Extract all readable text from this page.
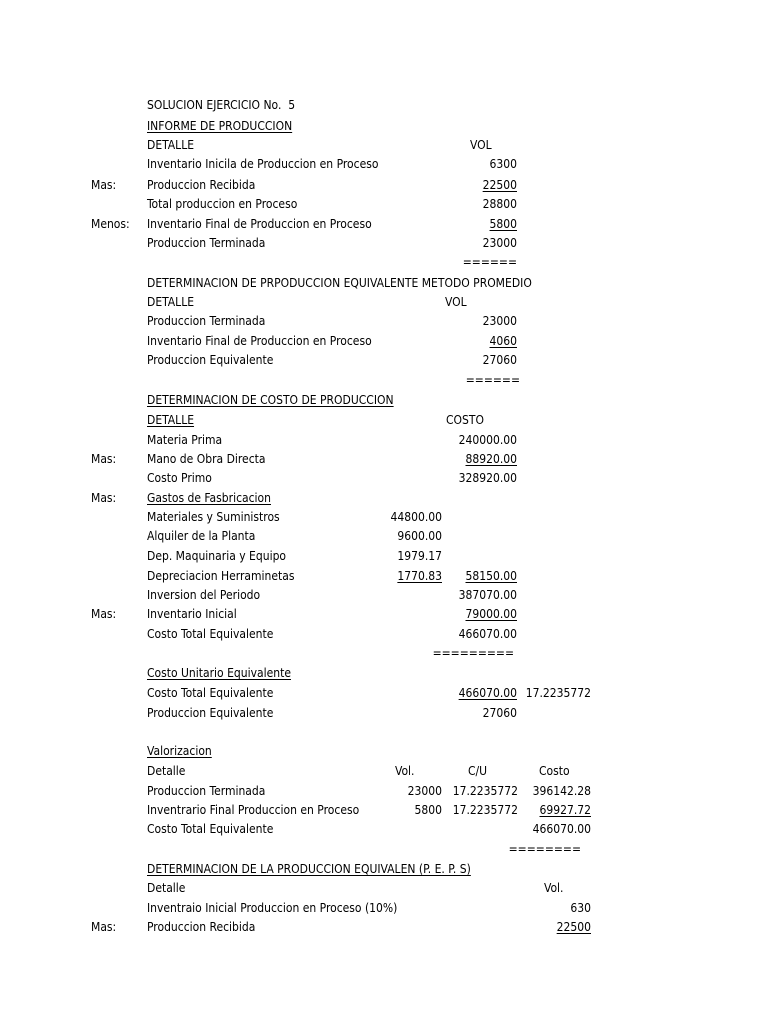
SOLUCION EJERCICIO No.  5
INFORME DE PRODUCCION
DETALLE	VOL
Inventario Inicila de Produccion en Proceso	6300
Mas:	Produccion Recibida	22500
Total produccion en Proceso	28800
Menos: Inventario Final de Produccion en Proceso	5800
Produccion Terminada	23000
======
DETERMINACION DE PRPODUCCION EQUIVALENTE METODO PROMEDIO
DETALLE	VOL
Produccion Terminada	23000
Inventario Final de Produccion en Proceso	4060
Produccion Equivalente	27060
======
DETERMINACION DE COSTO DE PRODUCCION
DETALLE	COSTO
Materia Prima	240000.00
Mas:	Mano de Obra Directa	88920.00
Costo Primo	328920.00
Mas:	Gastos de Fasbricacion
Materiales y Suministros	44800.00
Alquiler de la Planta	9600.00
Dep. Maquinaria y Equipo	1979.17
Depreciacion Herraminetas	1770.83	58150.00
Inversion del Periodo	387070.00
Mas:	Inventario Inicial	79000.00
Costo Total Equivalente	466070.00
=========
Costo Unitario Equivalente
Costo Total Equivalente	466070.00 17.2235772
Produccion Equivalente	27060
Valorizacion
Detalle	Vol.	C/U	Costo
Produccion Terminada	23000 17.2235772	396142.28
Inventrario Final Produccion en Proceso	5800 17.2235772	69927.72
Costo Total Equivalente	466070.00
========
DETERMINACION DE LA PRODUCCION EQUIVALEN (P. E. P. S)
Detalle	Vol.
Inventraio Inicial Produccion en Proceso (10%)	630
Mas:	Produccion Recibida	22500
